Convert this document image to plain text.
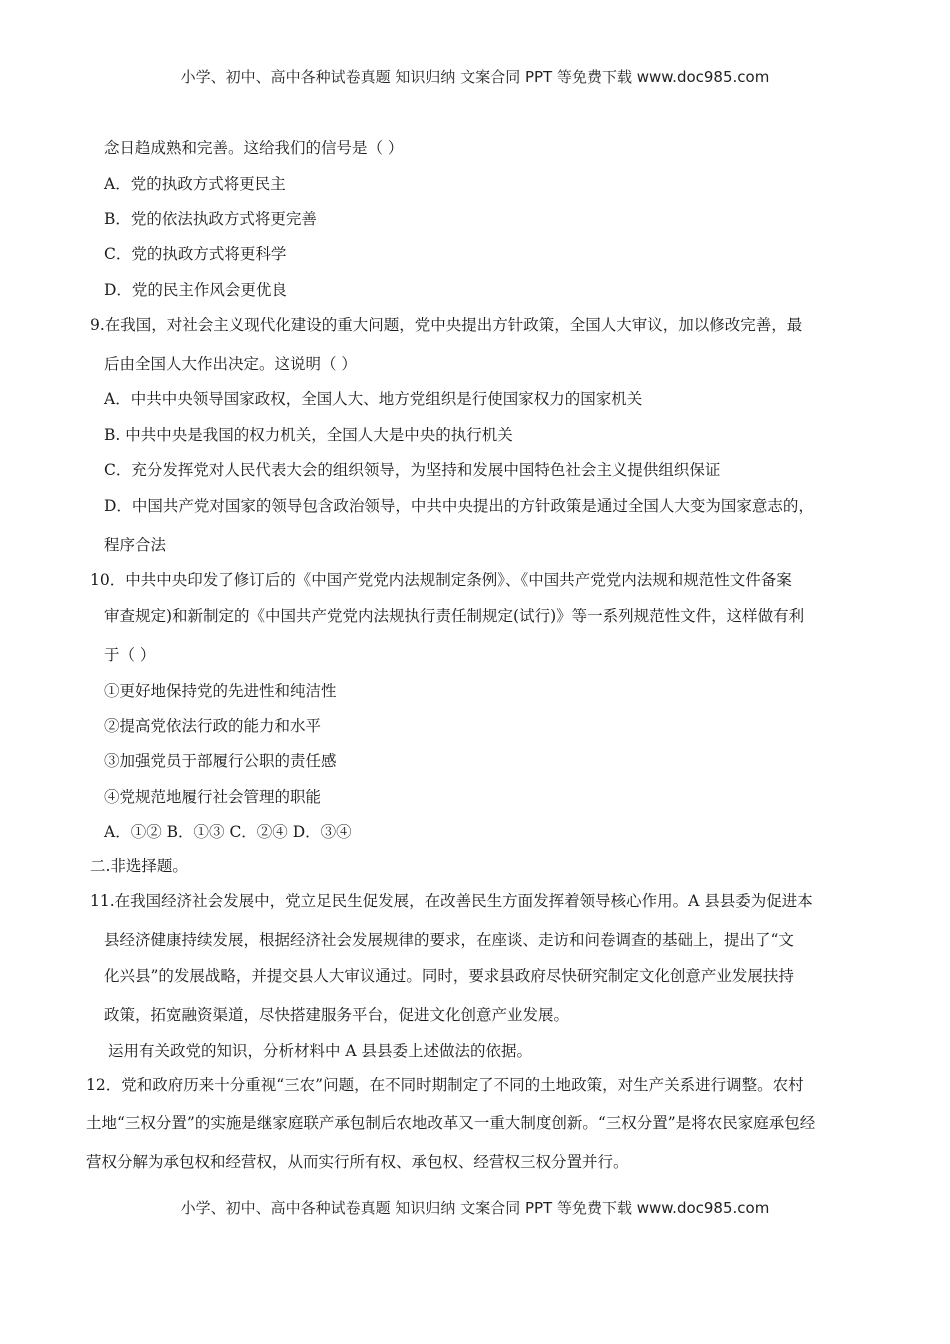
小学、初中、高中各种试卷真题 知识归纳 文案合同 PPT 等免费下载 www.doc985.com
念日趋成熟和完善。这给我们的信号是（ ）
A．党的执政方式将更民主
B．党的依法执政方式将更完善
C．党的执政方式将更科学
D．党的民主作风会更优良
9.在我国，对社会主义现代化建设的重大问题，党中央提出方针政策，全国人大审议，加以修改完善，最
后由全国人大作出决定。这说明（ ）
A．中共中央领导国家政权，全国人大、地方党组织是行使国家权力的国家机关
B. 中共中央是我国的权力机关，全国人大是中央的执行机关
C．充分发挥党对人民代表大会的组织领导，为坚持和发展中国特色社会主义提供组织保证
D．中国共产党对国家的领导包含政治领导，中共中央提出的方针政策是通过全国人大变为国家意志的，
程序合法
10．中共中央印发了修订后的《中国产党党内法规制定条例》、《中国共产党党内法规和规范性文件备案
审查规定)和新制定的《中国共产党党内法规执行责任制规定(试行)》等一系列规范性文件，这样做有利
于（ ）
①更好地保持党的先进性和纯洁性
②提高党依法行政的能力和水平
③加强党员于部履行公职的责任感
④党规范地履行社会管理的职能
A．①② B．①③ C．②④ D．③④
二.非选择题。
11.在我国经济社会发展中，党立足民生促发展，在改善民生方面发挥着领导核心作用。A 县县委为促进本
县经济健康持续发展，根据经济社会发展规律的要求，在座谈、走访和问卷调查的基础上，提出了“文
化兴县”的发展战略，并提交县人大审议通过。同时，要求县政府尽快研究制定文化创意产业发展扶持
政策，拓宽融资渠道，尽快搭建服务平台，促进文化创意产业发展。
运用有关政党的知识，分析材料中 A 县县委上述做法的依据。
12．党和政府历来十分重视“三农”问题，在不同时期制定了不同的土地政策，对生产关系进行调整。农村
土地“三权分置”的实施是继家庭联产承包制后农地改革又一重大制度创新。“三权分置”是将农民家庭承包经
营权分解为承包权和经营权，从而实行所有权、承包权、经营权三权分置并行。
小学、初中、高中各种试卷真题 知识归纳 文案合同 PPT 等免费下载 www.doc985.com
